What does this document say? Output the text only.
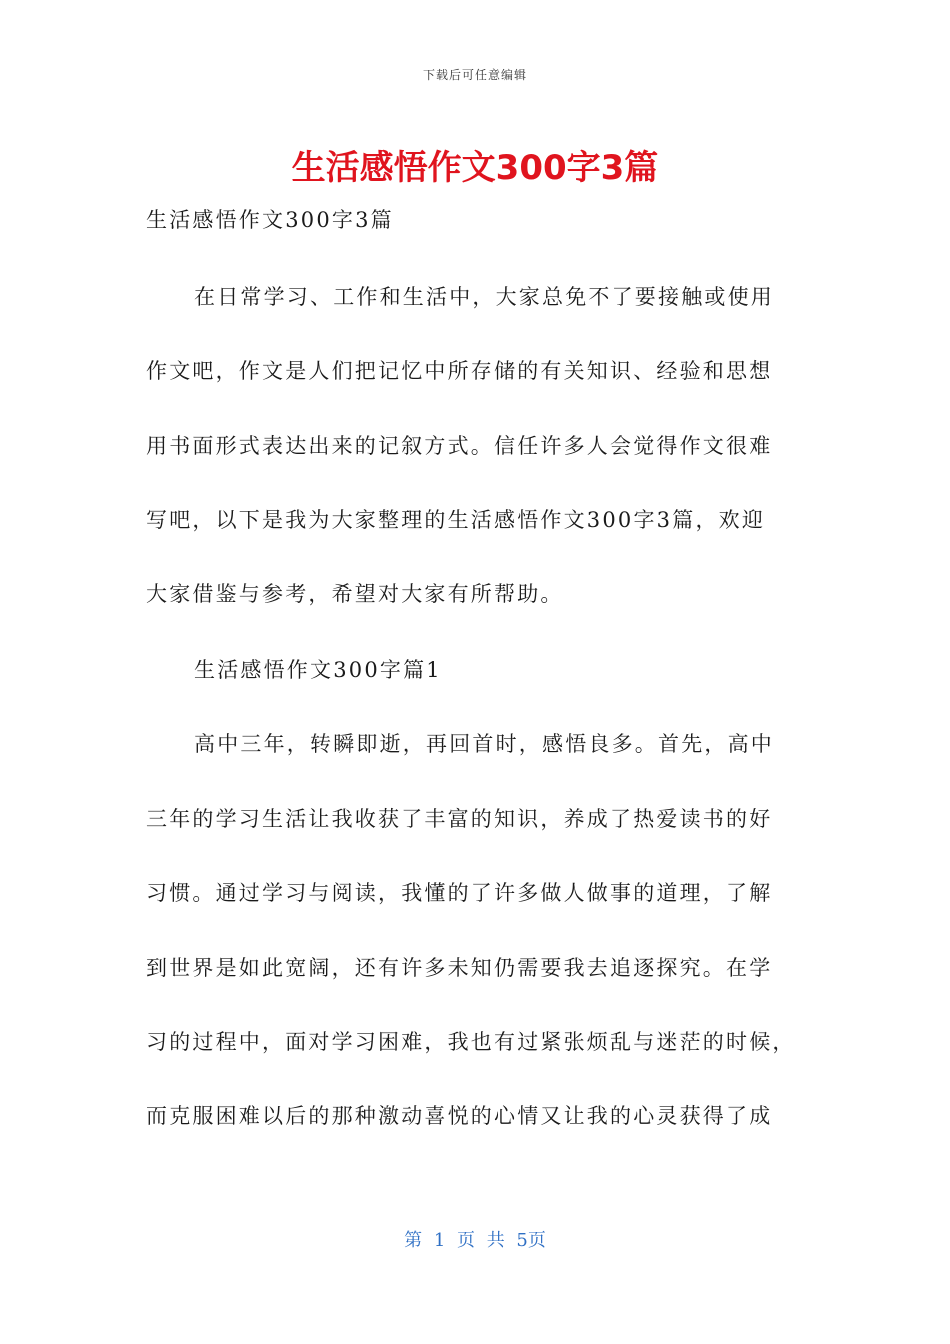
下载后可任意编辑
生活感悟作文300字3篇
生活感悟作文300字3篇
在日常学习、工作和生活中，大家总免不了要接触或使用
作文吧，作文是人们把记忆中所存储的有关知识、经验和思想
用书面形式表达出来的记叙方式。信任许多人会觉得作文很难
写吧，以下是我为大家整理的生活感悟作文300字3篇，欢迎
大家借鉴与参考，希望对大家有所帮助。
生活感悟作文300字篇1
高中三年，转瞬即逝，再回首时，感悟良多。首先，高中
三年的学习生活让我收获了丰富的知识，养成了热爱读书的好
习惯。通过学习与阅读，我懂的了许多做人做事的道理，了解
到世界是如此宽阔，还有许多未知仍需要我去追逐探究。在学
习的过程中，面对学习困难，我也有过紧张烦乱与迷茫的时候，
而克服困难以后的那种激动喜悦的心情又让我的心灵获得了成
第 1 页 共 5页
